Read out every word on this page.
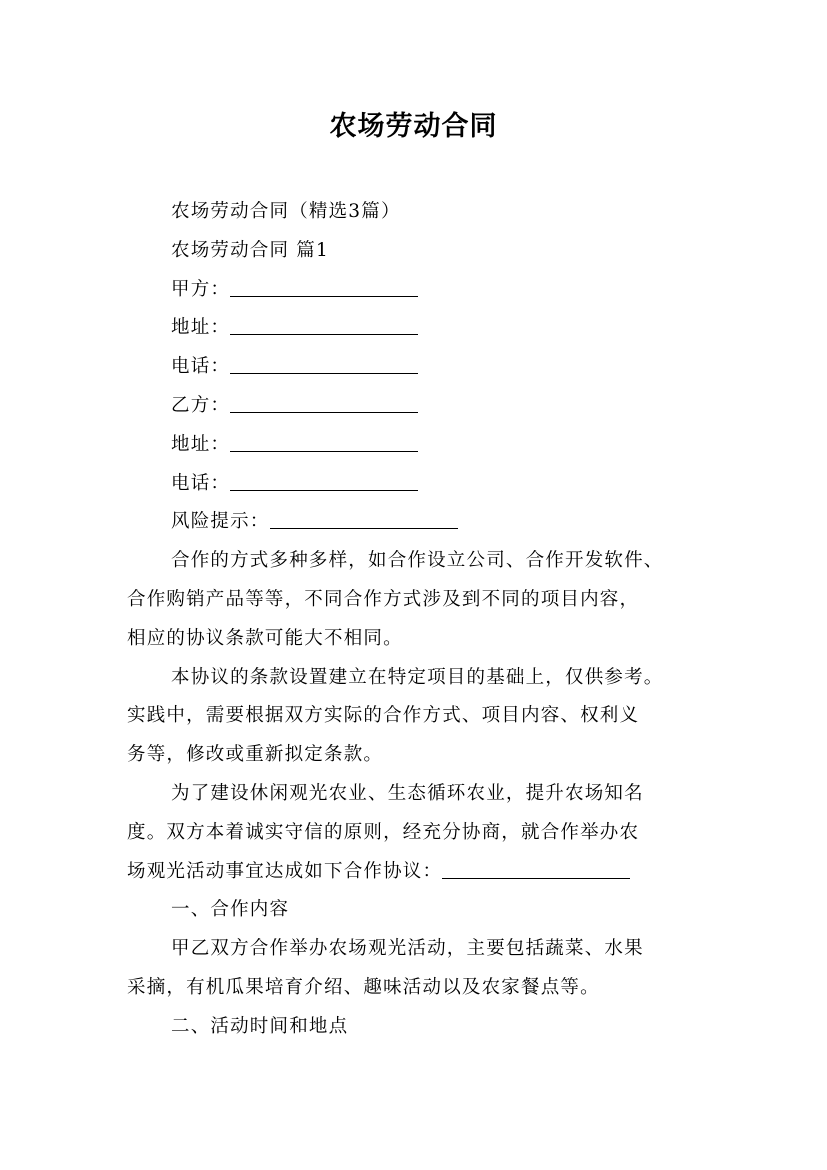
农场劳动合同
农场劳动合同（精选3篇）
农场劳动合同 篇1
甲方：
地址：
电话：
乙方：
地址：
电话：
风险提示：
合作的方式多种多样，如合作设立公司、合作开发软件、
合作购销产品等等，不同合作方式涉及到不同的项目内容，
相应的协议条款可能大不相同。
本协议的条款设置建立在特定项目的基础上，仅供参考。
实践中，需要根据双方实际的合作方式、项目内容、权利义
务等，修改或重新拟定条款。
为了建设休闲观光农业、生态循环农业，提升农场知名
度。双方本着诚实守信的原则，经充分协商，就合作举办农
场观光活动事宜达成如下合作协议：
一、合作内容
甲乙双方合作举办农场观光活动，主要包括蔬菜、水果
采摘，有机瓜果培育介绍、趣味活动以及农家餐点等。
二、活动时间和地点
